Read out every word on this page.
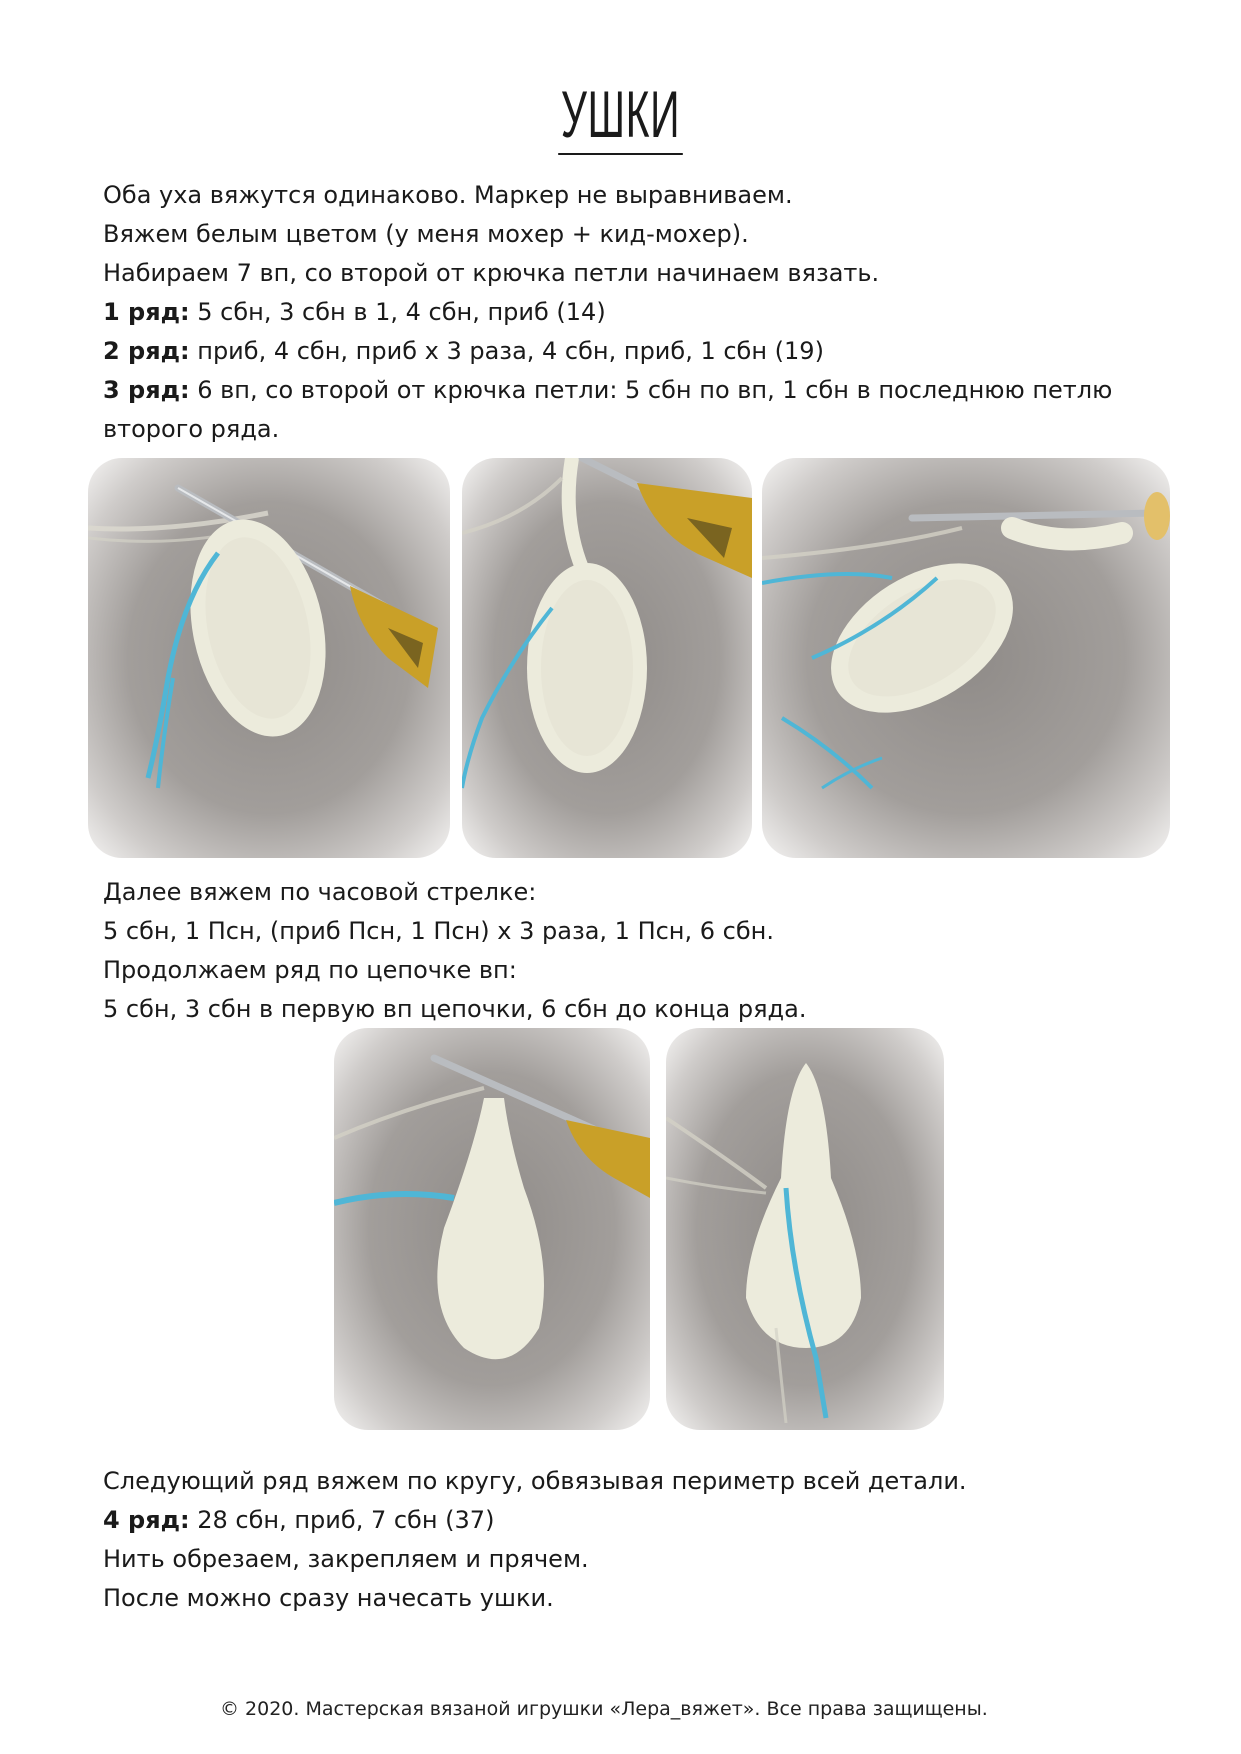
УШКИ

Оба уха вяжутся одинаково. Маркер не выравниваем.

Вяжем белым цветом (у меня мохер + кид-мохер).

Набираем 7 вп, со второй от крючка петли начинаем вязать.

1 ряд: 5 сбн, 3 сбн в 1, 4 сбн, приб (14)

2 ряд: приб, 4 сбн, приб х 3 раза, 4 сбн, приб, 1 сбн (19)

3 ряд: 6 вп, со второй от крючка петли: 5 сбн по вп, 1 сбн в последнюю петлю

второго ряда.

Далее вяжем по часовой стрелке:

5 сбн, 1 Псн, (приб Псн, 1 Псн) х 3 раза, 1 Псн, 6 сбн.

Продолжаем ряд по цепочке вп:

5 сбн, 3 сбн в первую вп цепочки, 6 сбн до конца ряда.

Следующий ряд вяжем по кругу, обвязывая периметр всей детали.

4 ряд: 28 сбн, приб, 7 сбн (37)

Нить обрезаем, закрепляем и прячем.

После можно сразу начесать ушки.

© 2020. Мастерская вязаной игрушки «Лера_вяжет». Все права защищены.
